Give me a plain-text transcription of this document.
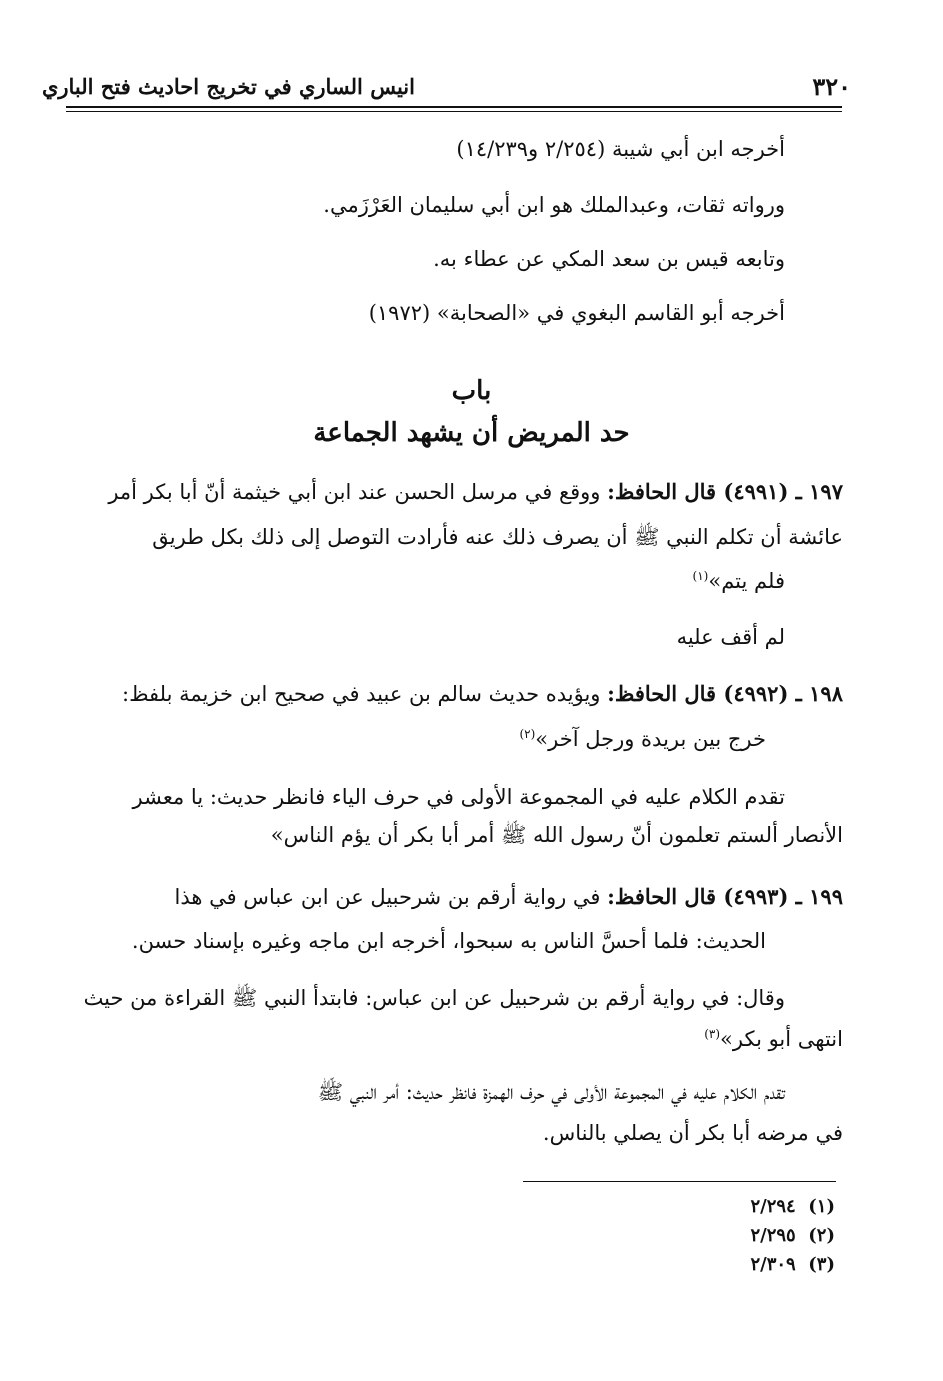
انيس الساري في تخريج احاديث فتح الباري	٣٢٠
أخرجه ابن أبي شيبة (٢/٢٥٤ و١٤/٢٣٩)
ورواته ثقات، وعبدالملك هو ابن أبي سليمان العَرْزَمي.
وتابعه قيس بن سعد المكي عن عطاء به.
أخرجه أبو القاسم البغوي في «الصحابة» (١٩٧٢)
باب
حد المريض أن يشهد الجماعة
١٩٧ ـ (٤٩٩١) قال الحافظ: ووقع في مرسل الحسن عند ابن أبي خيثمة أنّ أبا بكر أمر
عائشة أن تكلم النبي ﷺ أن يصرف ذلك عنه فأرادت التوصل إلى ذلك بكل طريق
فلم يتم»$^{(١)}$
لم أقف عليه
١٩٨ ـ (٤٩٩٢) قال الحافظ: ويؤيده حديث سالم بن عبيد في صحيح ابن خزيمة بلفظ:
خرج بين بريدة ورجل آخر»$^{(٢)}$
تقدم الكلام عليه في المجموعة الأولى في حرف الياء فانظر حديث: يا معشر
الأنصار ألستم تعلمون أنّ رسول الله ﷺ أمر أبا بكر أن يؤم الناس»
١٩٩ ـ (٤٩٩٣) قال الحافظ: في رواية أرقم بن شرحبيل عن ابن عباس في هذا
الحديث: فلما أحسَّ الناس به سبحوا، أخرجه ابن ماجه وغيره بإسناد حسن.
وقال: في رواية أرقم بن شرحبيل عن ابن عباس: فابتدأ النبي ﷺ القراءة من حيث
انتهى أبو بكر»$^{(٣)}$
تقدم الكلام عليه في المجموعة الأولى في حرف الهمزة فانظر حديث: أمر النبي ﷺ
في مرضه أبا بكر أن يصلي بالناس.
(١)  ٢/٢٩٤
(٢)  ٢/٢٩٥
(٣)  ٢/٣٠٩
